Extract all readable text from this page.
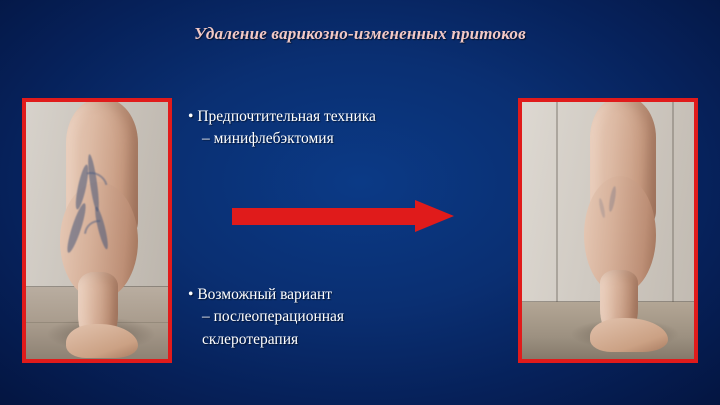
Удаление варикозно-измененных притоков
• Предпочтительная техника
– минифлебэктомия
• Возможный вариант
– послеоперационная
склеротерапия
